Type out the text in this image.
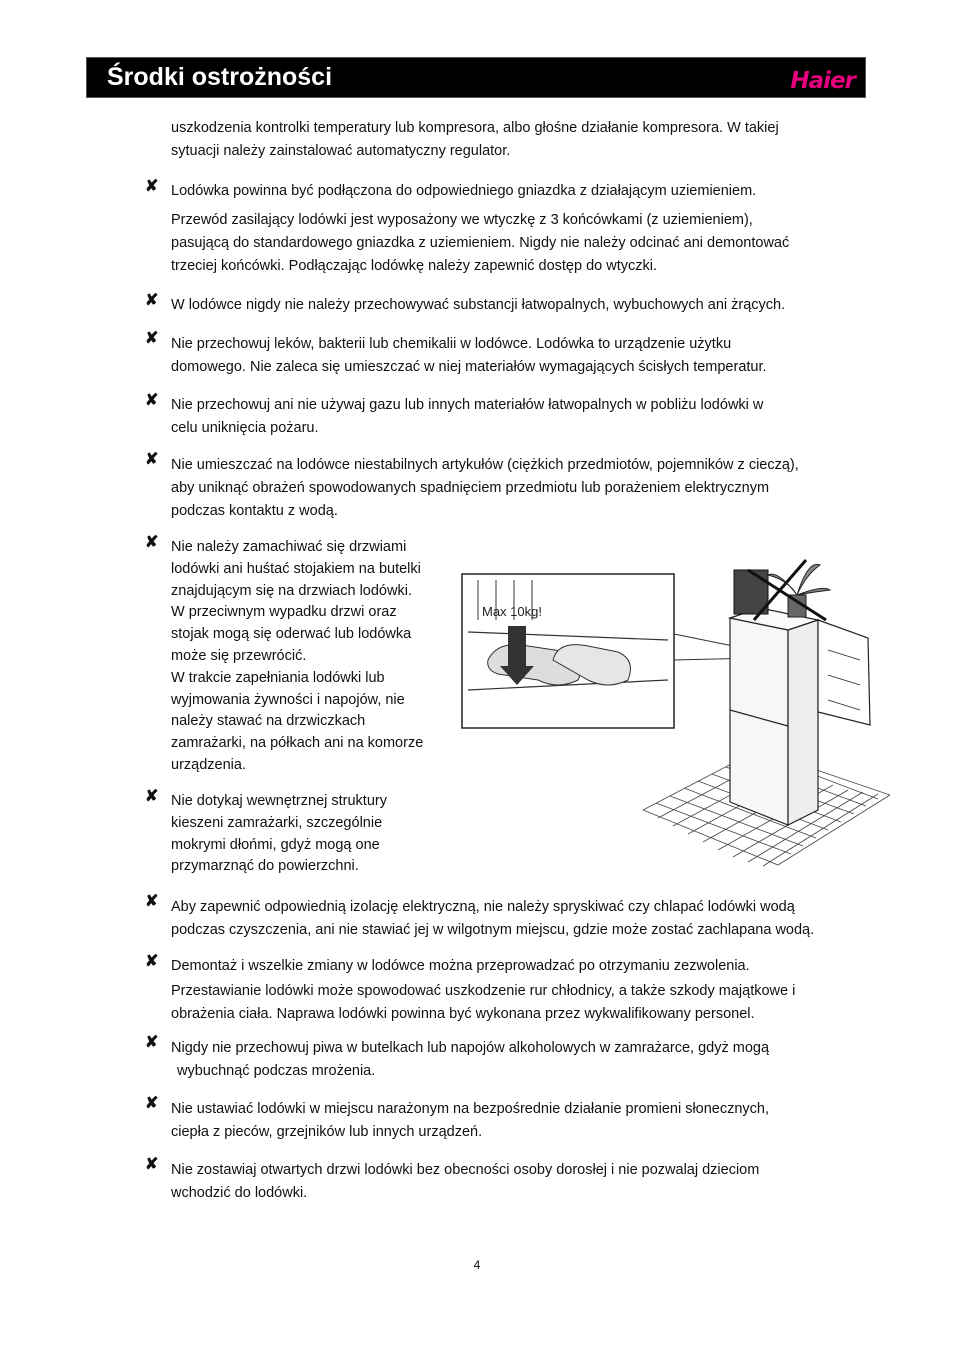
Środki ostrożności	Haier
uszkodzenia kontrolki temperatury lub kompresora, albo głośne działanie kompresora. W takiej
sytuacji należy zainstalować automatyczny regulator.
✘ Lodówka powinna być podłączona do odpowiedniego gniazdka z działającym uziemieniem.
Przewód zasilający lodówki jest wyposażony we wtyczkę z 3 końcówkami (z uziemieniem),
pasującą do standardowego gniazdka z uziemieniem. Nigdy nie należy odcinać ani demontować
trzeciej końcówki. Podłączając lodówkę należy zapewnić dostęp do wtyczki.
✘ W lodówce nigdy nie należy przechowywać substancji łatwopalnych, wybuchowych ani żrących.
✘ Nie przechowuj leków, bakterii lub chemikalii w lodówce. Lodówka to urządzenie użytku
domowego. Nie zaleca się umieszczać w niej materiałów wymagających ścisłych temperatur.
✘ Nie przechowuj ani nie używaj gazu lub innych materiałów łatwopalnych w pobliżu lodówki w
celu uniknięcia pożaru.
✘ Nie umieszczać na lodówce niestabilnych artykułów (ciężkich przedmiotów, pojemników z cieczą),
aby uniknąć obrażeń spowodowanych spadnięciem przedmiotu lub porażeniem elektrycznym
podczas kontaktu z wodą.
✘ Nie należy zamachiwać się drzwiami
lodówki ani huśtać stojakiem na butelki
znajdującym się na drzwiach lodówki.
W przeciwnym wypadku drzwi oraz
stojak mogą się oderwać lub lodówka
może się przewrócić.
W trakcie zapełniania lodówki lub
wyjmowania żywności i napojów, nie
należy stawać na drzwiczkach
zamrażarki, na półkach ani na komorze
urządzenia.
✘ Nie dotykaj wewnętrznej struktury
kieszeni zamrażarki, szczególnie
mokrymi dłońmi, gdyż mogą one
przymarznąć do powierzchni.
Max 10kg!
✘ Aby zapewnić odpowiednią izolację elektryczną, nie należy spryskiwać czy chlapać lodówki wodą
podczas czyszczenia, ani nie stawiać jej w wilgotnym miejscu, gdzie może zostać zachlapana wodą.
✘ Demontaż i wszelkie zmiany w lodówce można przeprowadzać po otrzymaniu zezwolenia.
Przestawianie lodówki może spowodować uszkodzenie rur chłodnicy, a także szkody majątkowe i
obrażenia ciała. Naprawa lodówki powinna być wykonana przez wykwalifikowany personel.
✘ Nigdy nie przechowuj piwa w butelkach lub napojów alkoholowych w zamrażarce, gdyż mogą
wybuchnąć podczas mrożenia.
✘ Nie ustawiać lodówki w miejscu narażonym na bezpośrednie działanie promieni słonecznych,
ciepła z pieców, grzejników lub innych urządzeń.
✘ Nie zostawiaj otwartych drzwi lodówki bez obecności osoby dorosłej i nie pozwalaj dzieciom
wchodzić do lodówki.
4
